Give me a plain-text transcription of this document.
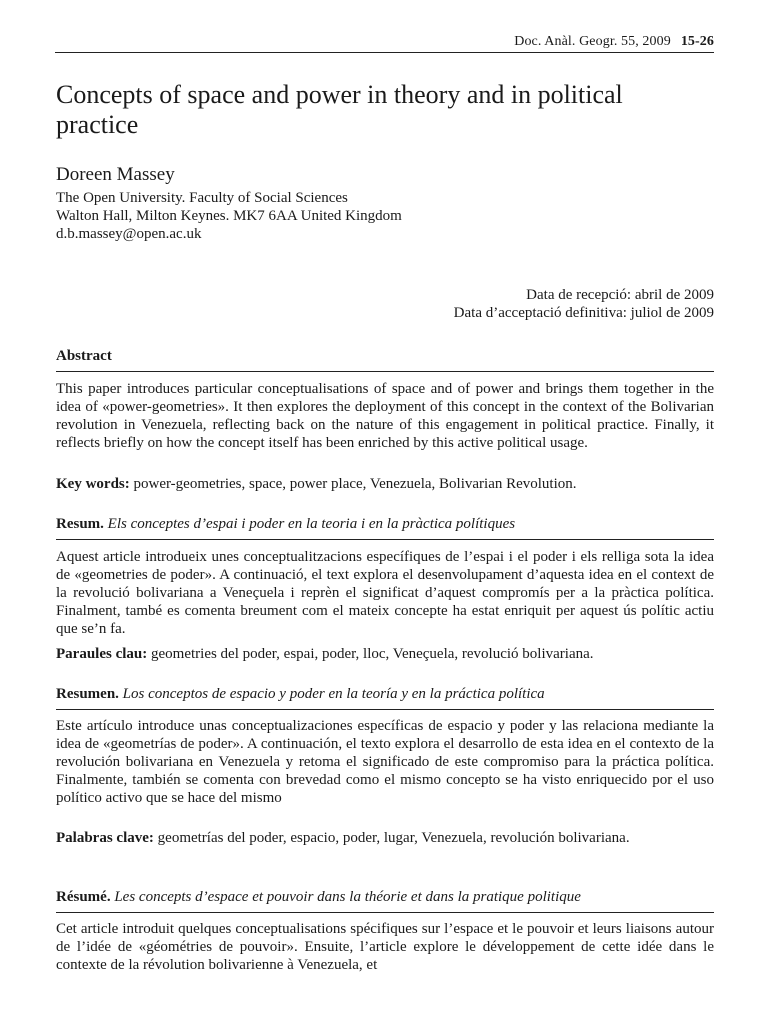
Doc. Anàl. Geogr. 55, 2009 15-26
Concepts of space and power in theory and in political practice
Doreen Massey
The Open University. Faculty of Social Sciences
Walton Hall, Milton Keynes. MK7 6AA United Kingdom
d.b.massey@open.ac.uk
Data de recepció: abril de 2009
Data d’acceptació definitiva: juliol de 2009
Abstract

This paper introduces particular conceptualisations of space and of power and brings them together in the idea of «power-geometries». It then explores the deployment of this concept in the context of the Bolivarian revolution in Venezuela, reflecting back on the nature of this engagement in political practice. Finally, it reflects briefly on how the concept itself has been enriched by this active political usage.

Key words: power-geometries, space, power place, Venezuela, Bolivarian Revolution.

Resum. Els conceptes d’espai i poder en la teoria i en la pràctica polítiques

Aquest article introdueix unes conceptualitzacions específiques de l’espai i el poder i els relliga sota la idea de «geometries de poder». A continuació, el text explora el desenvolupament d’aquesta idea en el context de la revolució bolivariana a Veneçuela i reprèn el significat d’aquest compromís per a la pràctica política. Finalment, també es comenta breument com el mateix concepte ha estat enriquit per aquest ús polític actiu que se’n fa.

Paraules clau: geometries del poder, espai, poder, lloc, Veneçuela, revolució bolivariana.

Resumen. Los conceptos de espacio y poder en la teoría y en la práctica política

Este artículo introduce unas conceptualizaciones específicas de espacio y poder y las relaciona mediante la idea de «geometrías de poder». A continuación, el texto explora el desarrollo de esta idea en el contexto de la revolución bolivariana en Venezuela y retoma el significado de este compromiso para la práctica política. Finalmente, también se comenta con brevedad como el mismo concepto se ha visto enriquecido por el uso político activo que se hace del mismo

Palabras clave: geometrías del poder, espacio, poder, lugar, Venezuela, revolución bolivariana.

Résumé. Les concepts d’espace et pouvoir dans la théorie et dans la pratique politique

Cet article introduit quelques conceptualisations spécifiques sur l’espace et le pouvoir et leurs liaisons autour de l’idée de «géométries de pouvoir». Ensuite, l’article explore le développement de cette idée dans le contexte de la révolution bolivarienne à Venezuela, et
